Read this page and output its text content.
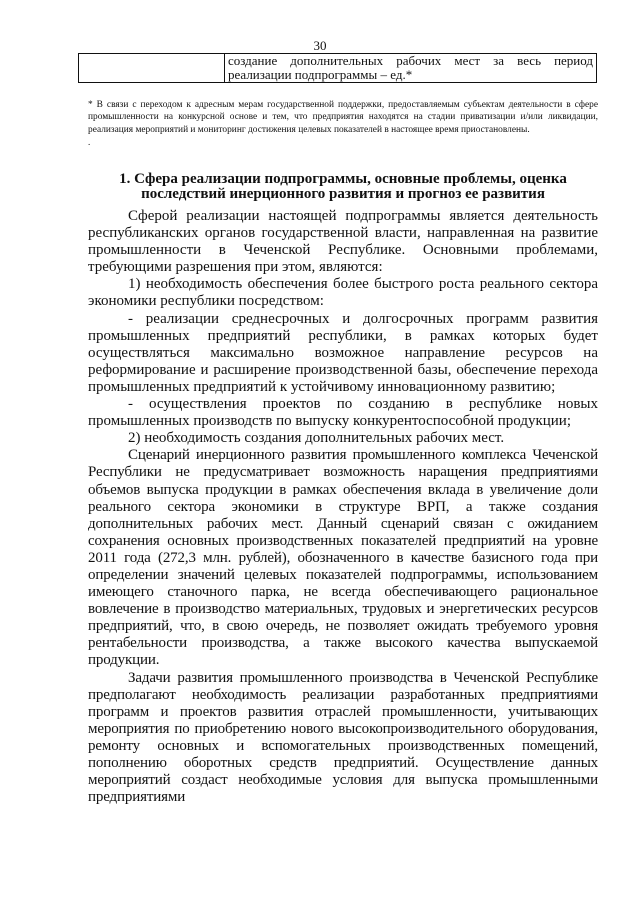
30
	создание дополнительных рабочих мест за весь период реализации подпрограммы – ед.*

* В связи с переходом к адресным мерам государственной поддержки, предоставляемым субъектам деятельности в сфере промышленности на конкурсной основе и тем, что предприятия находятся на стадии приватизации и/или ликвидации, реализация мероприятий и мониторинг достижения целевых показателей в настоящее время приостановлены.

.

1. Сфера реализации подпрограммы, основные проблемы, оценка
последствий инерционного развития и прогноз ее развития

Сферой реализации настоящей подпрограммы является деятельность республиканских органов государственной власти, направленная на развитие промышленности в Чеченской Республике. Основными проблемами, требующими разрешения при этом, являются:

1) необходимость обеспечения более быстрого роста реального сектора экономики республики посредством:

- реализации среднесрочных и долгосрочных программ развития промышленных предприятий республики, в рамках которых будет осуществляться максимально возможное направление ресурсов на реформирование и расширение производственной базы, обеспечение перехода промышленных предприятий к устойчивому инновационному развитию;

- осуществления проектов по созданию в республике новых промышленных производств по выпуску конкурентоспособной продукции;

2) необходимость создания дополнительных рабочих мест.

Сценарий инерционного развития промышленного комплекса Чеченской Республики не предусматривает возможность наращения предприятиями объемов выпуска продукции в рамках обеспечения вклада в увеличение доли реального сектора экономики в структуре ВРП, а также создания дополнительных рабочих мест. Данный сценарий связан с ожиданием сохранения основных производственных показателей предприятий на уровне 2011 года (272,3 млн. рублей), обозначенного в качестве базисного года при определении значений целевых показателей подпрограммы, использованием имеющего станочного парка, не всегда обеспечивающего рациональное вовлечение в производство материальных, трудовых и энергетических ресурсов предприятий, что, в свою очередь, не позволяет ожидать требуемого уровня рентабельности производства, а также высокого качества выпускаемой продукции.

Задачи развития промышленного производства в Чеченской Республике предполагают необходимость реализации разработанных предприятиями программ и проектов развития отраслей промышленности, учитывающих мероприятия по приобретению нового высокопроизводительного оборудования, ремонту основных и вспомогательных производственных помещений, пополнению оборотных средств предприятий. Осуществление данных мероприятий создаст необходимые условия для выпуска промышленными предприятиями
